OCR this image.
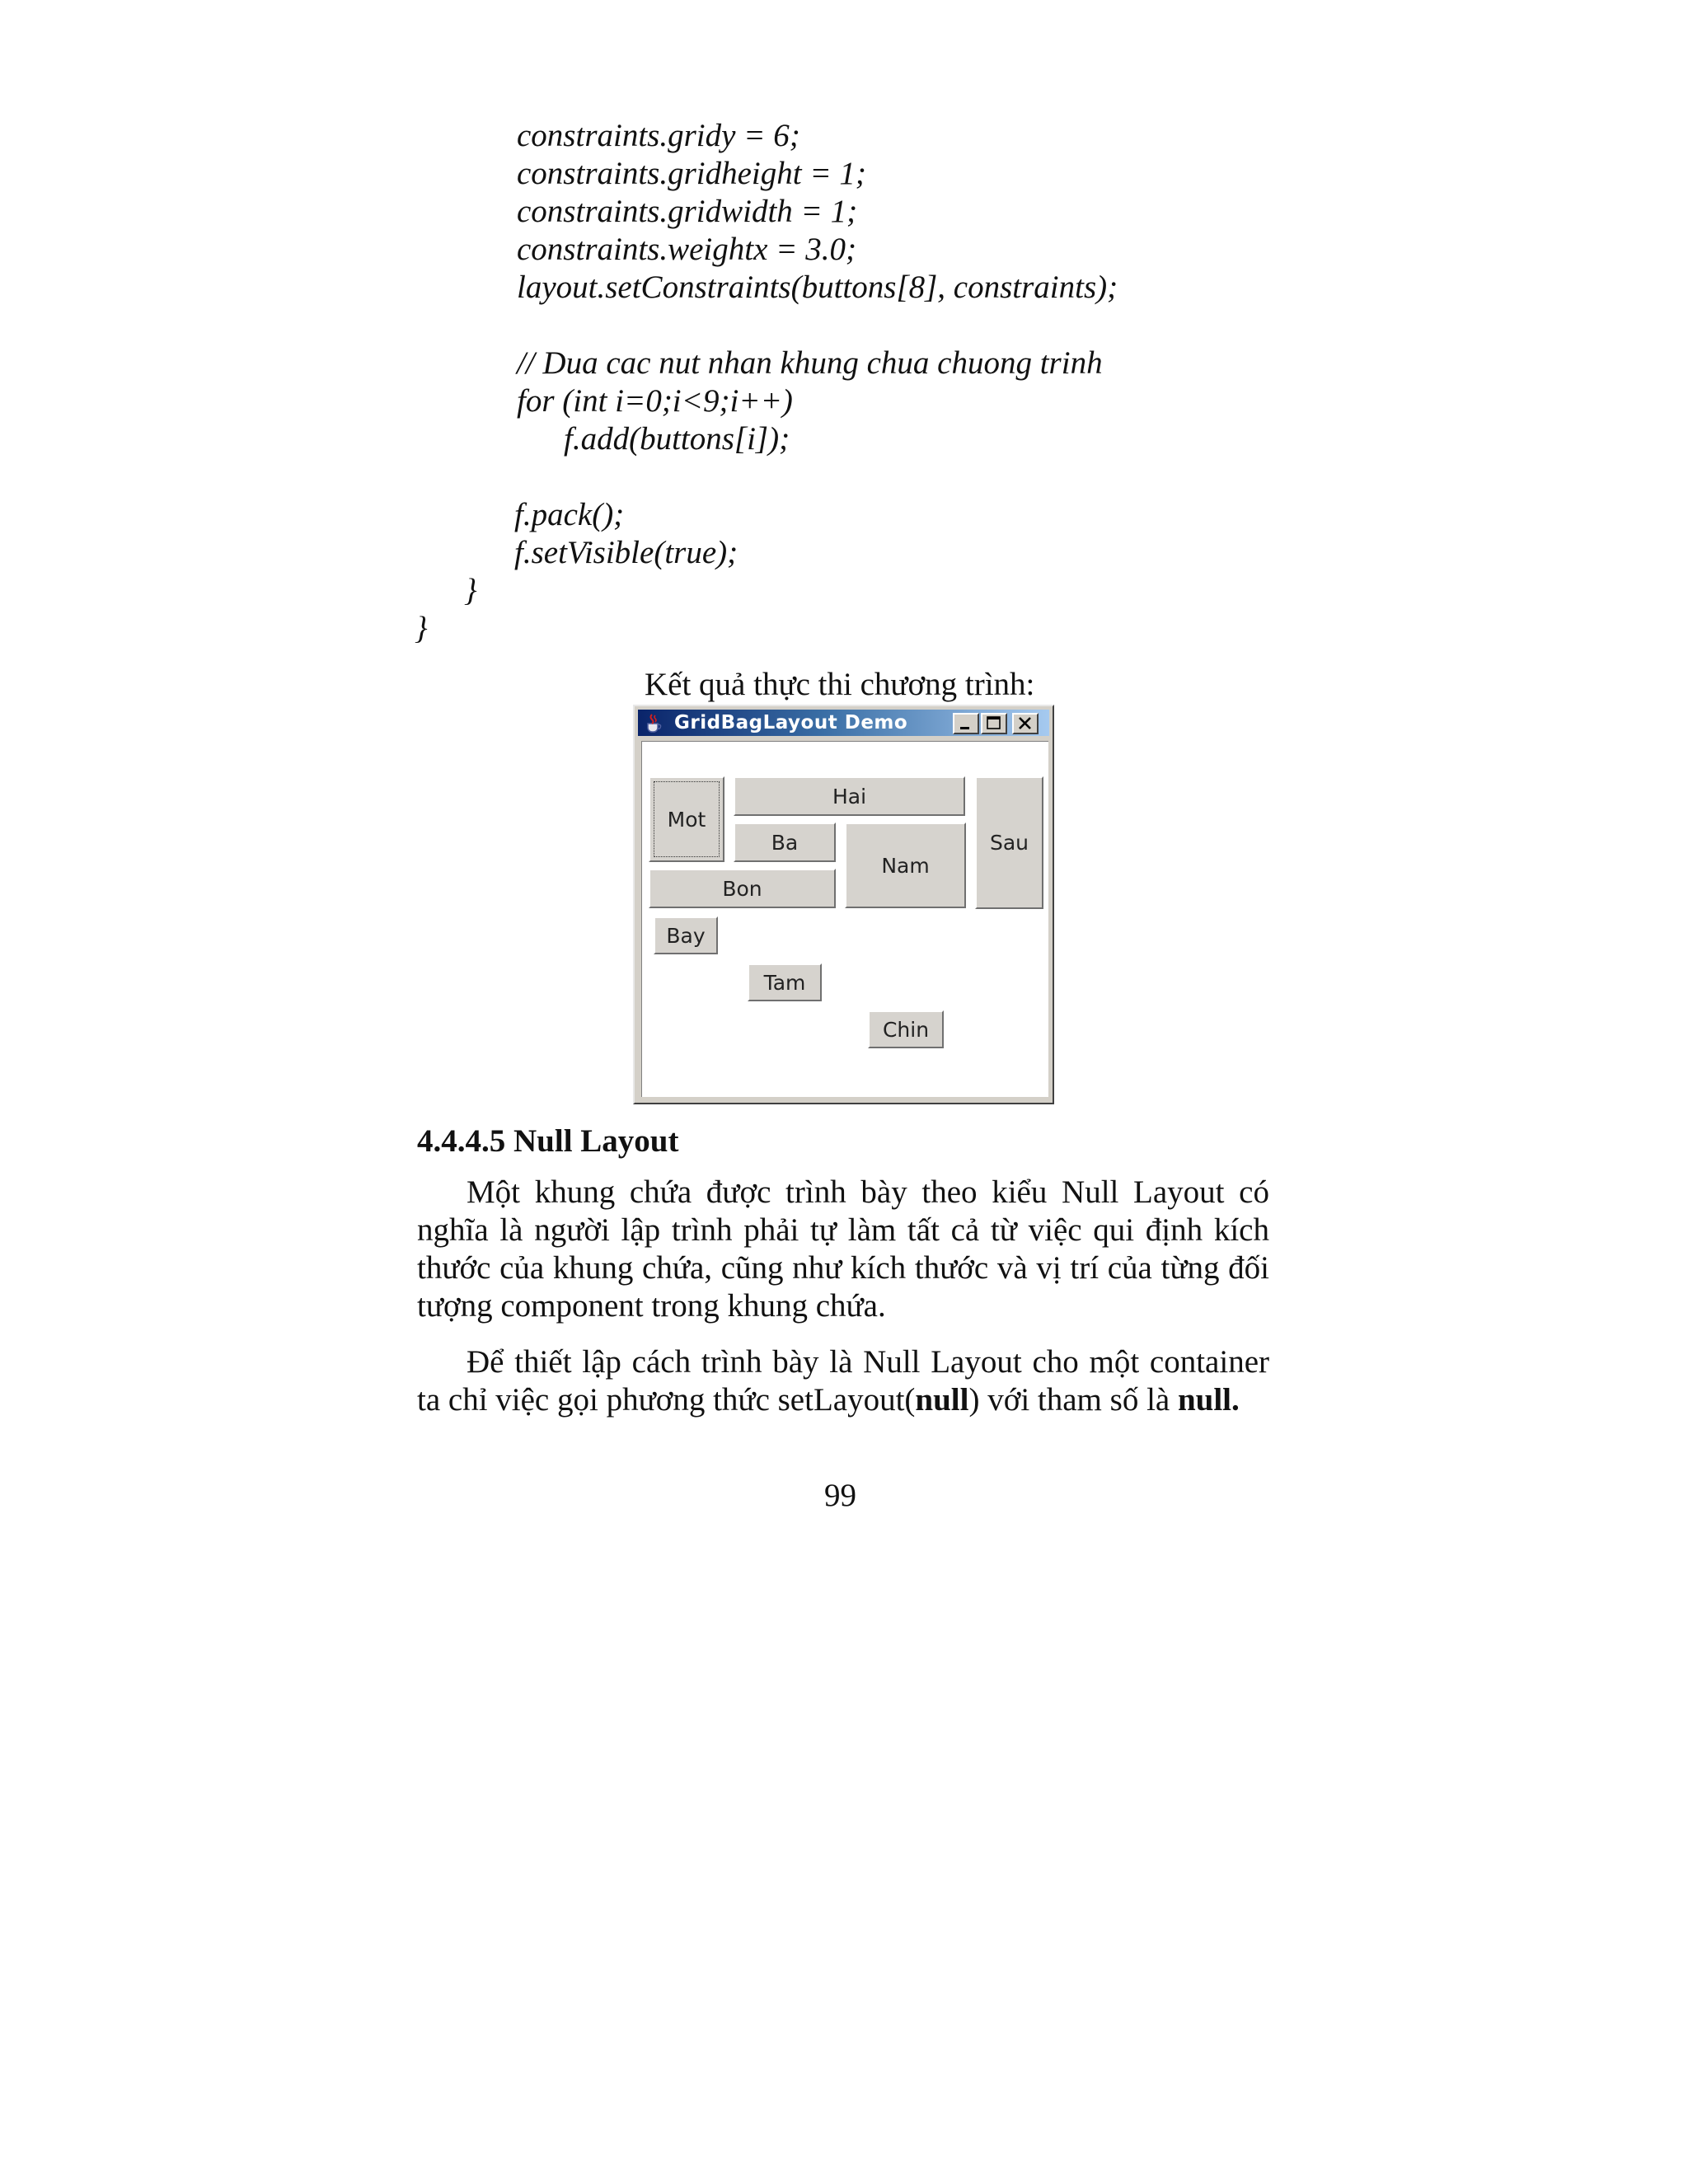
constraints.gridy = 6;
constraints.gridheight = 1;
constraints.gridwidth = 1;
constraints.weightx = 3.0;
layout.setConstraints(buttons[8], constraints);
// Dua cac nut nhan khung chua chuong trinh
for (int i=0;i<9;i++)
f.add(buttons[i]);
f.pack();
f.setVisible(true);
}
}
Kết quả thực thi chương trình:
GridBagLayout Demo
Mot
Hai
Ba
Nam
Sau
Bon
Bay
Tam
Chin
4.4.4.5 Null Layout
Một khung chứa được trình bày theo kiểu Null Layout có nghĩa là người lập trình phải tự làm tất cả từ việc qui định kích thước của khung chứa, cũng như kích thước và vị trí của từng đối tượng component trong khung chứa.
Để thiết lập cách trình bày là Null Layout cho một container ta chỉ việc gọi phương thức setLayout(null) với tham số là null.
99
